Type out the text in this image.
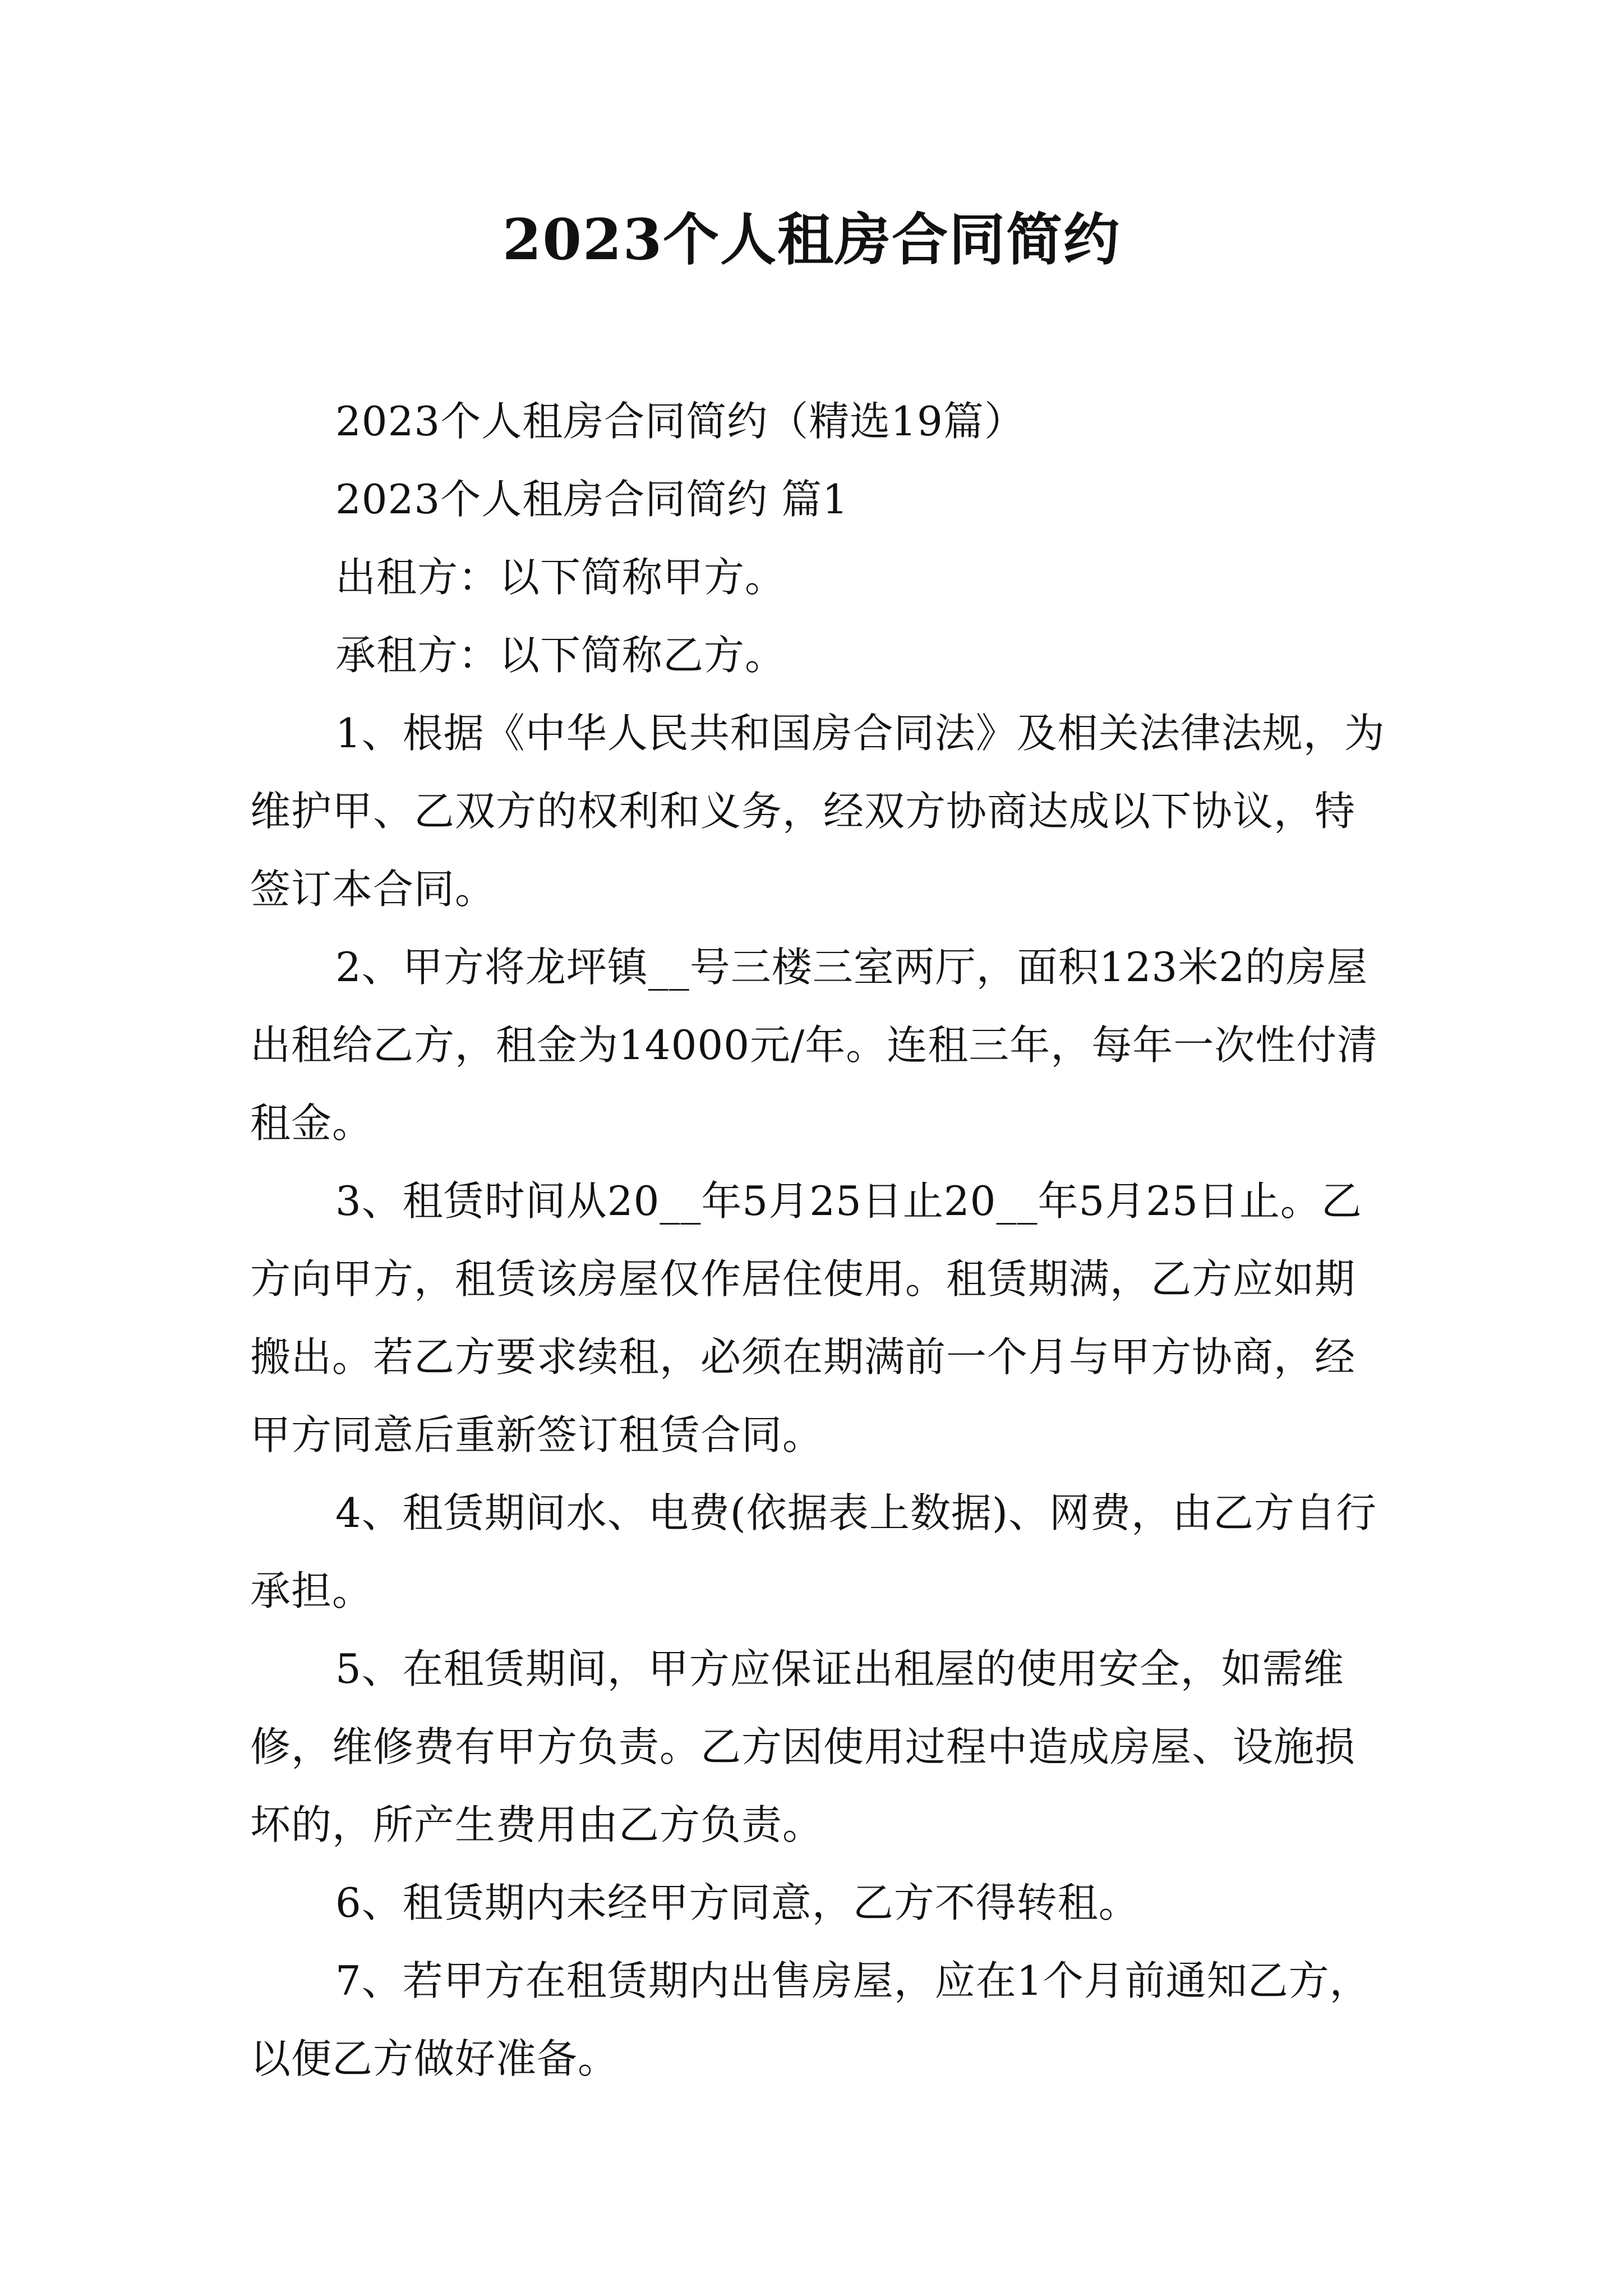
2023个人租房合同简约

2023个人租房合同简约（精选19篇）

2023个人租房合同简约 篇1

出租方：以下简称甲方。

承租方：以下简称乙方。

1、根据《中华人民共和国房合同法》及相关法律法规，为维护甲、乙双方的权利和义务，经双方协商达成以下协议，特签订本合同。

2、甲方将龙坪镇__号三楼三室两厅，面积123米2的房屋出租给乙方，租金为14000元/年。连租三年，每年一次性付清租金。

3、租赁时间从20__年5月25日止20__年5月25日止。乙方向甲方，租赁该房屋仅作居住使用。租赁期满，乙方应如期搬出。若乙方要求续租，必须在期满前一个月与甲方协商，经甲方同意后重新签订租赁合同。

4、租赁期间水、电费(依据表上数据)、网费，由乙方自行承担。

5、在租赁期间，甲方应保证出租屋的使用安全，如需维修，维修费有甲方负责。乙方因使用过程中造成房屋、设施损坏的，所产生费用由乙方负责。

6、租赁期内未经甲方同意，乙方不得转租。

7、若甲方在租赁期内出售房屋，应在1个月前通知乙方，以便乙方做好准备。
